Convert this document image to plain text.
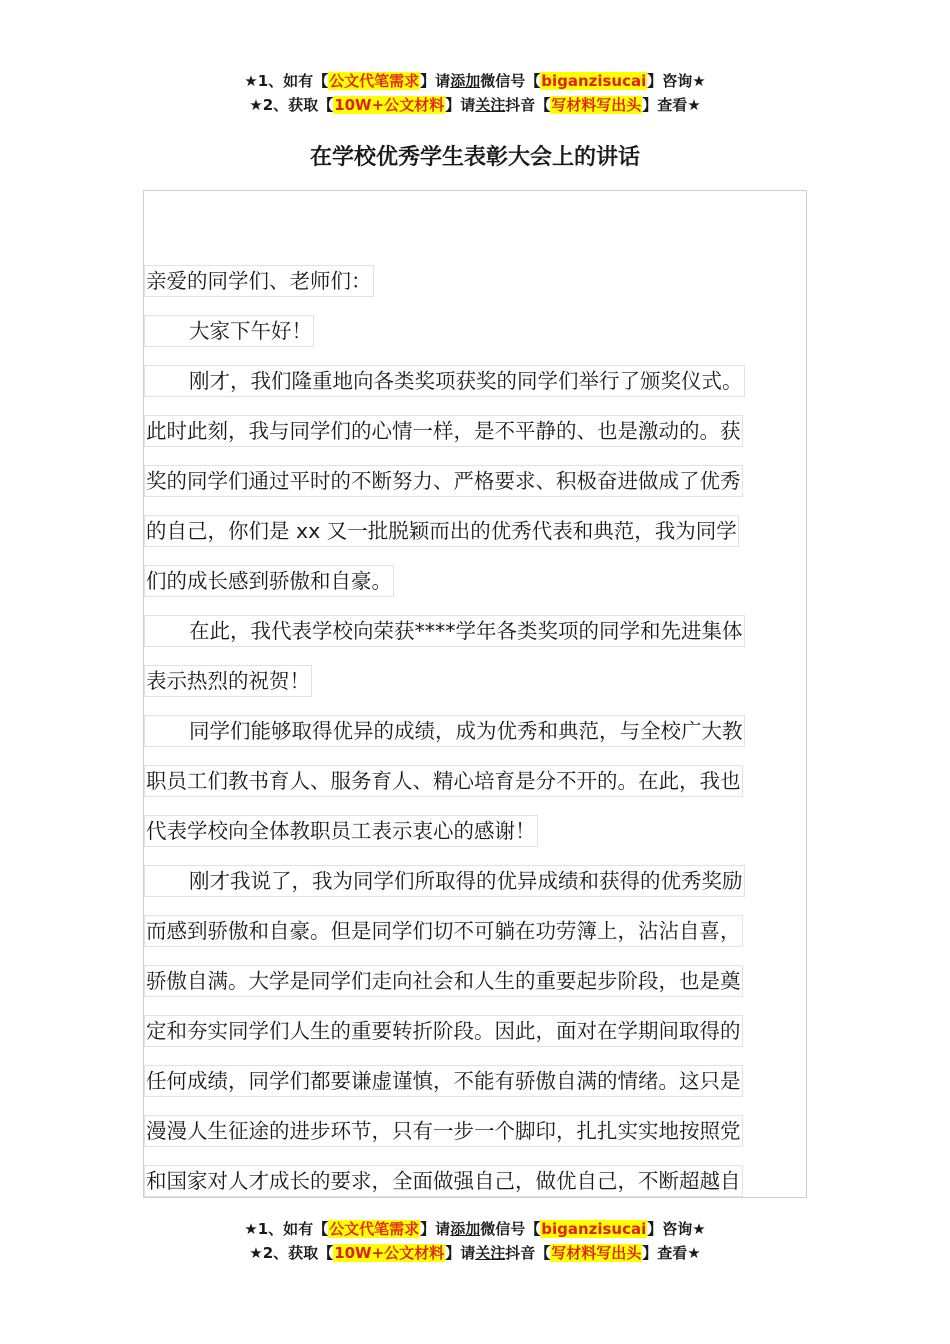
★1、如有【公文代笔需求】请添加微信号【biganzisucai】咨询★
★2、获取【10W+公文材料】请关注抖音【写材料写出头】查看★
在学校优秀学生表彰大会上的讲话
亲爱的同学们、老师们：
大家下午好！
刚才，我们隆重地向各类奖项获奖的同学们举行了颁奖仪式。
此时此刻，我与同学们的心情一样，是不平静的、也是激动的。获
奖的同学们通过平时的不断努力、严格要求、积极奋进做成了优秀
的自己，你们是 xx 又一批脱颖而出的优秀代表和典范，我为同学
们的成长感到骄傲和自豪。
在此，我代表学校向荣获****学年各类奖项的同学和先进集体
表示热烈的祝贺！
同学们能够取得优异的成绩，成为优秀和典范，与全校广大教
职员工们教书育人、服务育人、精心培育是分不开的。在此，我也
代表学校向全体教职员工表示衷心的感谢！
刚才我说了，我为同学们所取得的优异成绩和获得的优秀奖励
而感到骄傲和自豪。但是同学们切不可躺在功劳簿上，沾沾自喜，
骄傲自满。大学是同学们走向社会和人生的重要起步阶段，也是奠
定和夯实同学们人生的重要转折阶段。因此，面对在学期间取得的
任何成绩，同学们都要谦虚谨慎，不能有骄傲自满的情绪。这只是
漫漫人生征途的进步环节，只有一步一个脚印，扎扎实实地按照党
和国家对人才成长的要求，全面做强自己，做优自己，不断超越自
★1、如有【公文代笔需求】请添加微信号【biganzisucai】咨询★
★2、获取【10W+公文材料】请关注抖音【写材料写出头】查看★
